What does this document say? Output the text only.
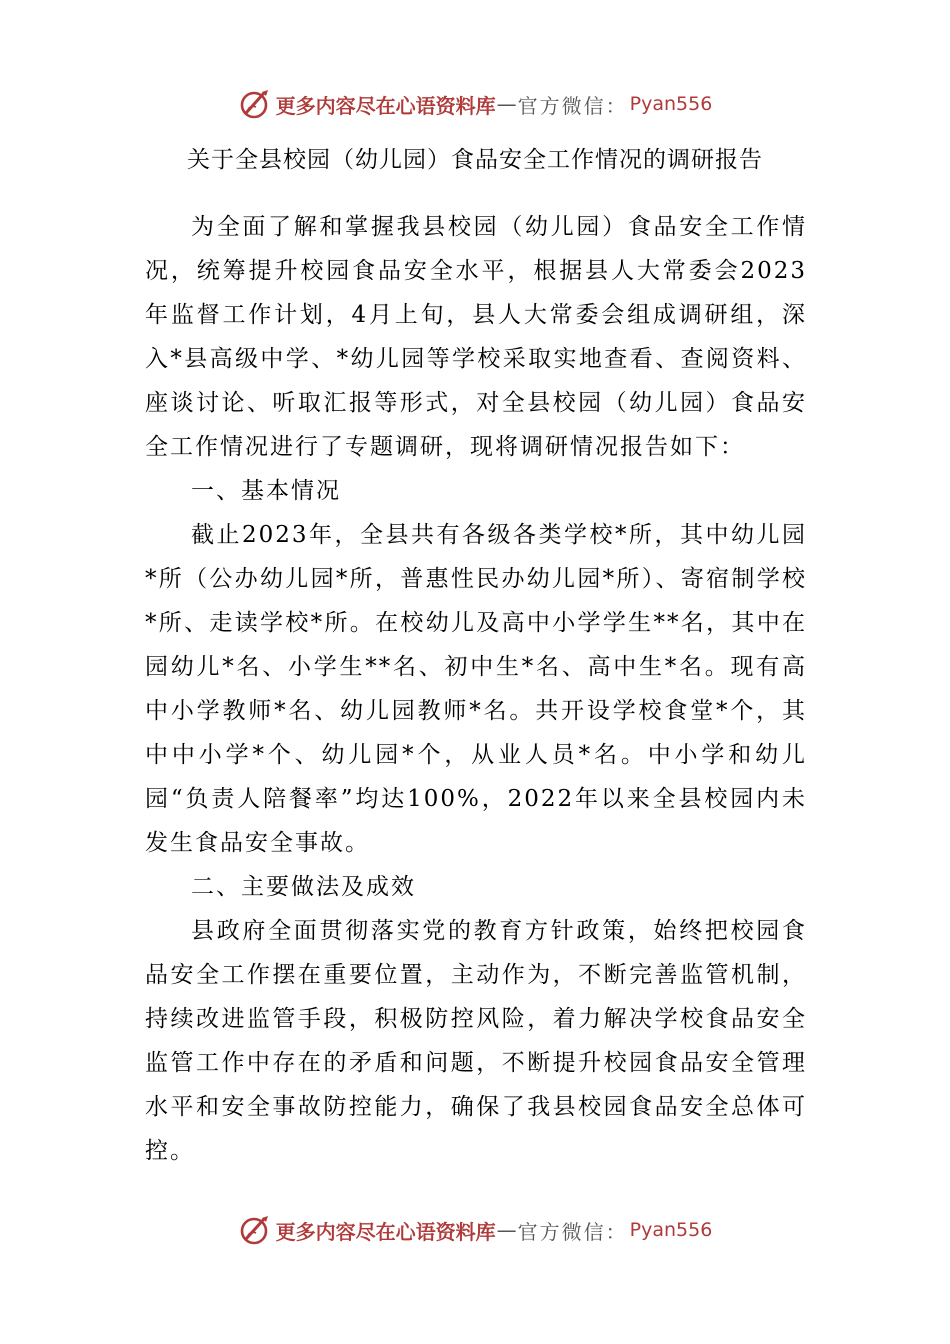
更多内容尽在心语资料库 — 官方微信： Pyan556
关于全县校园（幼儿园）食品安全工作情况的调研报告

为全面了解和掌握我县校园（幼儿园）食品安全工作情况，统筹提升校园食品安全水平，根据县人大常委会2023年监督工作计划，4月上旬，县人大常委会组成调研组，深入*县高级中学、*幼儿园等学校采取实地查看、查阅资料、座谈讨论、听取汇报等形式，对全县校园（幼儿园）食品安全工作情况进行了专题调研，现将调研情况报告如下：

一、基本情况

截止2023年，全县共有各级各类学校*所，其中幼儿园*所（公办幼儿园*所，普惠性民办幼儿园*所）、寄宿制学校*所、走读学校*所。在校幼儿及高中小学学生**名，其中在园幼儿*名、小学生**名、初中生*名、高中生*名。现有高中小学教师*名、幼儿园教师*名。共开设学校食堂*个，其中中小学*个、幼儿园*个，从业人员*名。中小学和幼儿园“负责人陪餐率”均达100%，2022年以来全县校园内未发生食品安全事故。

二、主要做法及成效

县政府全面贯彻落实党的教育方针政策，始终把校园食品安全工作摆在重要位置，主动作为，不断完善监管机制，持续改进监管手段，积极防控风险，着力解决学校食品安全监管工作中存在的矛盾和问题，不断提升校园食品安全管理水平和安全事故防控能力，确保了我县校园食品安全总体可控。

更多内容尽在心语资料库 — 官方微信： Pyan556
